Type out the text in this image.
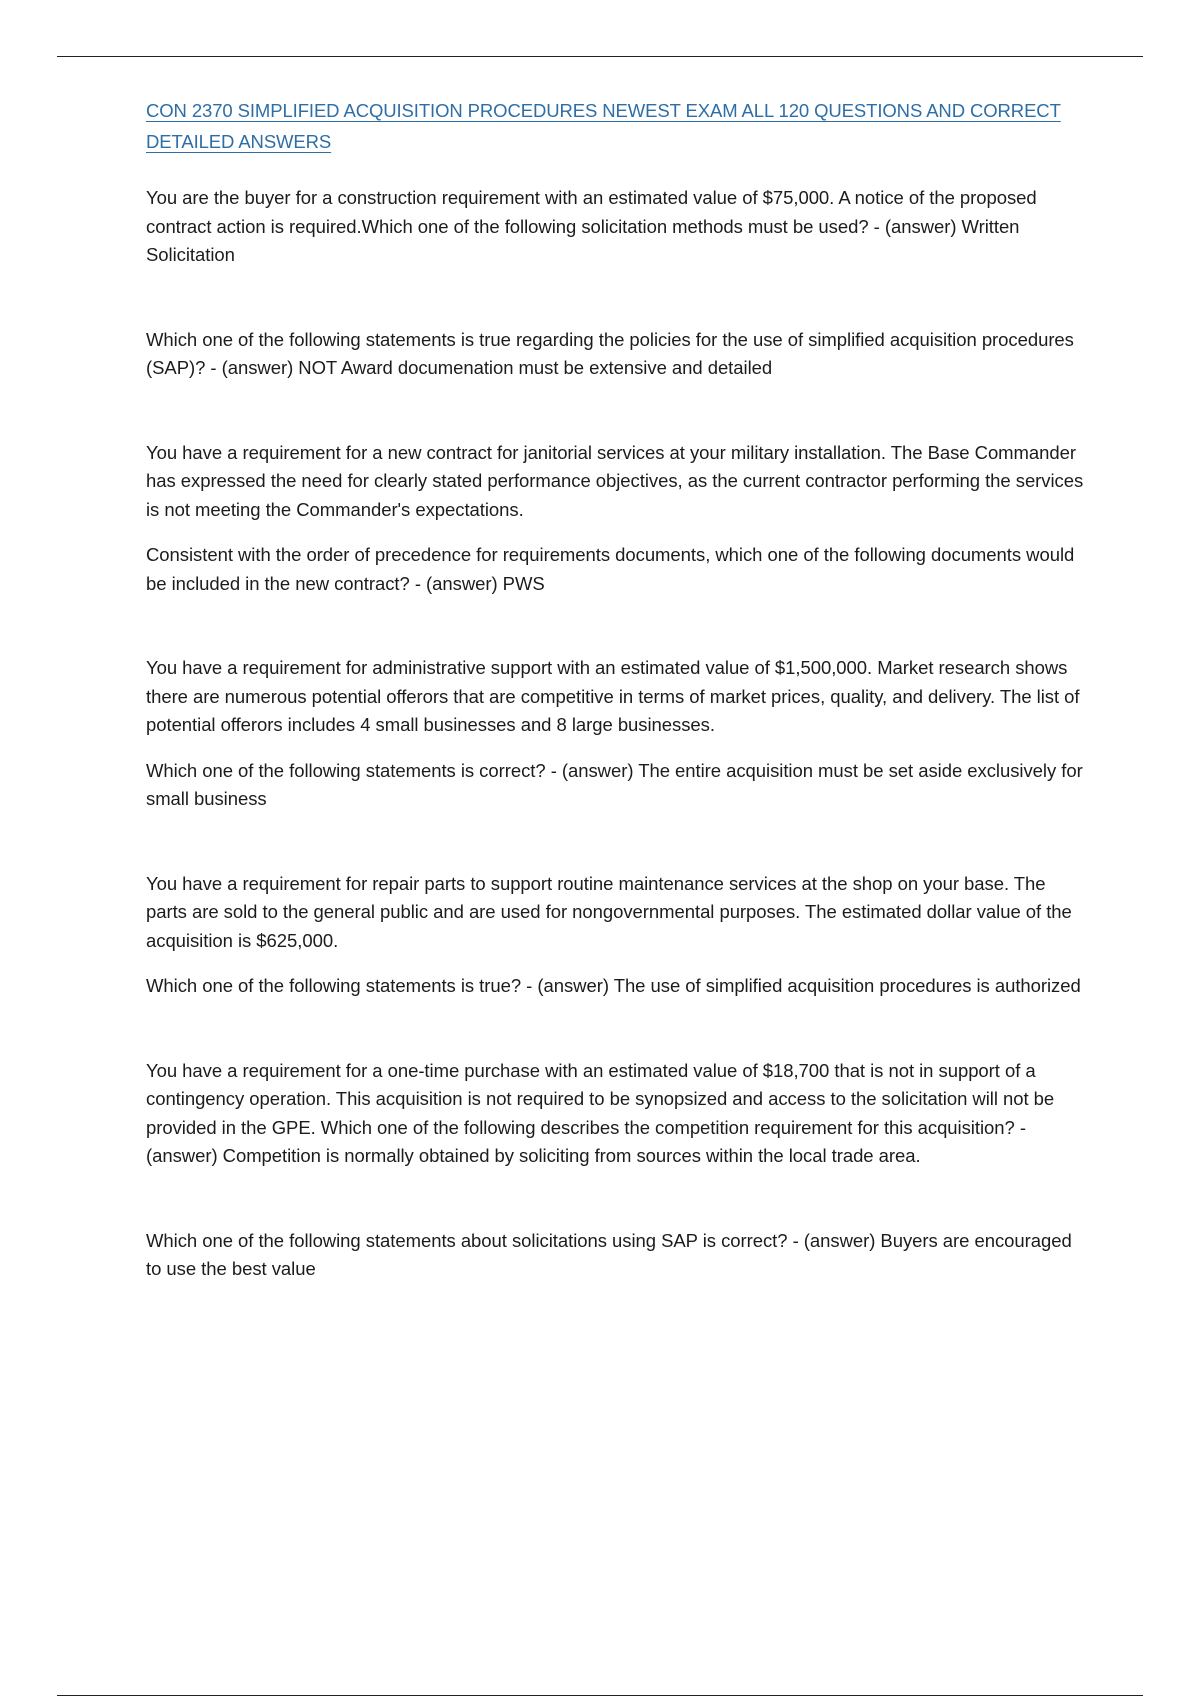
CON 2370 SIMPLIFIED ACQUISITION PROCEDURES NEWEST EXAM ALL 120 QUESTIONS AND CORRECT DETAILED ANSWERS

You are the buyer for a construction requirement with an estimated value of $75,000. A notice of the proposed contract action is required.Which one of the following solicitation methods must be used? - (answer) Written Solicitation

Which one of the following statements is true regarding the policies for the use of simplified acquisition procedures (SAP)? - (answer) NOT Award documenation must be extensive and detailed

You have a requirement for a new contract for janitorial services at your military installation. The Base Commander has expressed the need for clearly stated performance objectives, as the current contractor performing the services is not meeting the Commander's expectations.

Consistent with the order of precedence for requirements documents, which one of the following documents would be included in the new contract? - (answer) PWS

You have a requirement for administrative support with an estimated value of $1,500,000. Market research shows there are numerous potential offerors that are competitive in terms of market prices, quality, and delivery. The list of potential offerors includes 4 small businesses and 8 large businesses.

Which one of the following statements is correct? - (answer) The entire acquisition must be set aside exclusively for small business

You have a requirement for repair parts to support routine maintenance services at the shop on your base. The parts are sold to the general public and are used for nongovernmental purposes. The estimated dollar value of the acquisition is $625,000.

Which one of the following statements is true? - (answer) The use of simplified acquisition procedures is authorized

You have a requirement for a one-time purchase with an estimated value of $18,700 that is not in support of a contingency operation. This acquisition is not required to be synopsized and access to the solicitation will not be provided in the GPE. Which one of the following describes the competition requirement for this acquisition? - (answer) Competition is normally obtained by soliciting from sources within the local trade area.

Which one of the following statements about solicitations using SAP is correct? - (answer) Buyers are encouraged to use the best value
